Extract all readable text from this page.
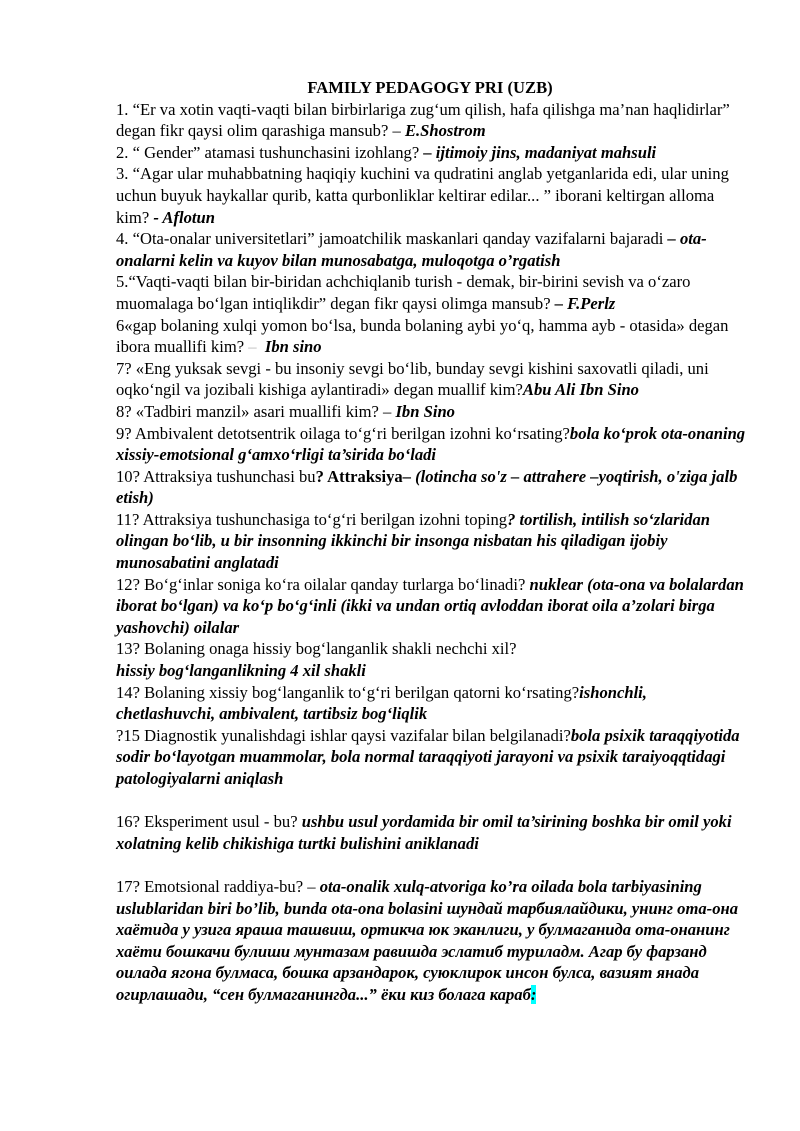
FAMILY PEDAGOGY PRI (UZB)

1. “Er va xotin vaqti-vaqti bilan birbirlariga zug‘um qilish, hafa qilishga ma’nan haqlidirlar” degan fikr qaysi olim qarashiga mansub? – E.Shostrom

2. “ Gender” atamasi tushunchasini izohlang? – ijtimoiy jins, madaniyat mahsuli

3. “Agar ular muhabbatning haqiqiy kuchini va qudratini anglab yetganlarida edi, ular uning uchun buyuk haykallar qurib, katta qurbonliklar keltirar edilar... ” iborani keltirgan alloma kim? - Aflotun

4. “Ota-onalar universitetlari” jamoatchilik maskanlari qanday vazifalarni bajaradi – ota-onalarni kelin va kuyov bilan munosabatga, muloqotga o’rgatish

5.“Vaqti-vaqti bilan bir-biridan achchiqlanib turish - demak, bir-birini sevish va o‘zaro muomalaga bo‘lgan intiqlikdir” degan fikr qaysi olimga mansub? – F.Perlz

6«gap bolaning xulqi yomon bo‘lsa, bunda bolaning aybi yo‘q, hamma ayb - otasida» degan ibora muallifi kim? – Ibn sino

7? «Eng yuksak sevgi - bu insoniy sevgi bo‘lib, bunday sevgi kishini saxovatli qiladi, uni oqko‘ngil va jozibali kishiga aylantiradi» degan muallif kim?Abu Ali Ibn Sino

8? «Tadbiri manzil» asari muallifi kim? – Ibn Sino

9? Ambivalent detotsentrik oilaga to‘g‘ri berilgan izohni ko‘rsating?bola ko‘prok ota-onaning xissiy-emotsional g‘amxo‘rligi ta’sirida bo‘ladi

10? Attraksiya tushunchasi bu? Attraksiya– (lotincha so'z – attrahere –yoqtirish, o'ziga jalb etish)

11? Attraksiya tushunchasiga to‘g‘ri berilgan izohni toping? tortilish, intilish so‘zlaridan olingan bo‘lib, u bir insonning ikkinchi bir insonga nisbatan his qiladigan ijobiy munosabatini anglatadi

12? Bo‘g‘inlar soniga ko‘ra oilalar qanday turlarga bo‘linadi? nuklear (ota-ona va bolalardan iborat bo‘lgan) va ko‘p bo‘g‘inli (ikki va undan ortiq avloddan iborat oila a’zolari birga yashovchi) oilalar

13? Bolaning onaga hissiy bog‘langanlik shakli nechchi xil?
hissiy bog‘langanlikning 4 xil shakli

14? Bolaning xissiy bog‘langanlik to‘g‘ri berilgan qatorni ko‘rsating?ishonchli, chetlashuvchi, ambivalent, tartibsiz bog‘liqlik

?15 Diagnostik yunalishdagi ishlar qaysi vazifalar bilan belgilanadi?bola psixik taraqqiyotida sodir bo‘layotgan muammolar, bola normal taraqqiyoti jarayoni va psixik taraiyoqqtidagi patologiyalarni aniqlash

16? Eksperiment usul - bu? ushbu usul yordamida bir omil ta’sirining boshka bir omil yoki xolatning kelib chikishiga turtki bulishini aniklanadi

17? Emotsional raddiya-bu? – ota-onalik xulq-atvoriga ko’ra oilada bola tarbiyasining uslublaridan biri bo’lib, bunda ota-ona bolasini шундай тарбиялайдики, унинг ота-она хаётида у узига яраша ташвиш, ортикча юк эканлиги, у булмаганида ота-онанинг хаёти бошкачи булиши мунтазам равишда эслатиб туриладм. Агар бу фарзанд оилада ягона булмаса, бошка арзандарок, суюклирок инсон булса, вазият янада огирлашади, “сен булмаганингда...” ёки киз болага караб:
